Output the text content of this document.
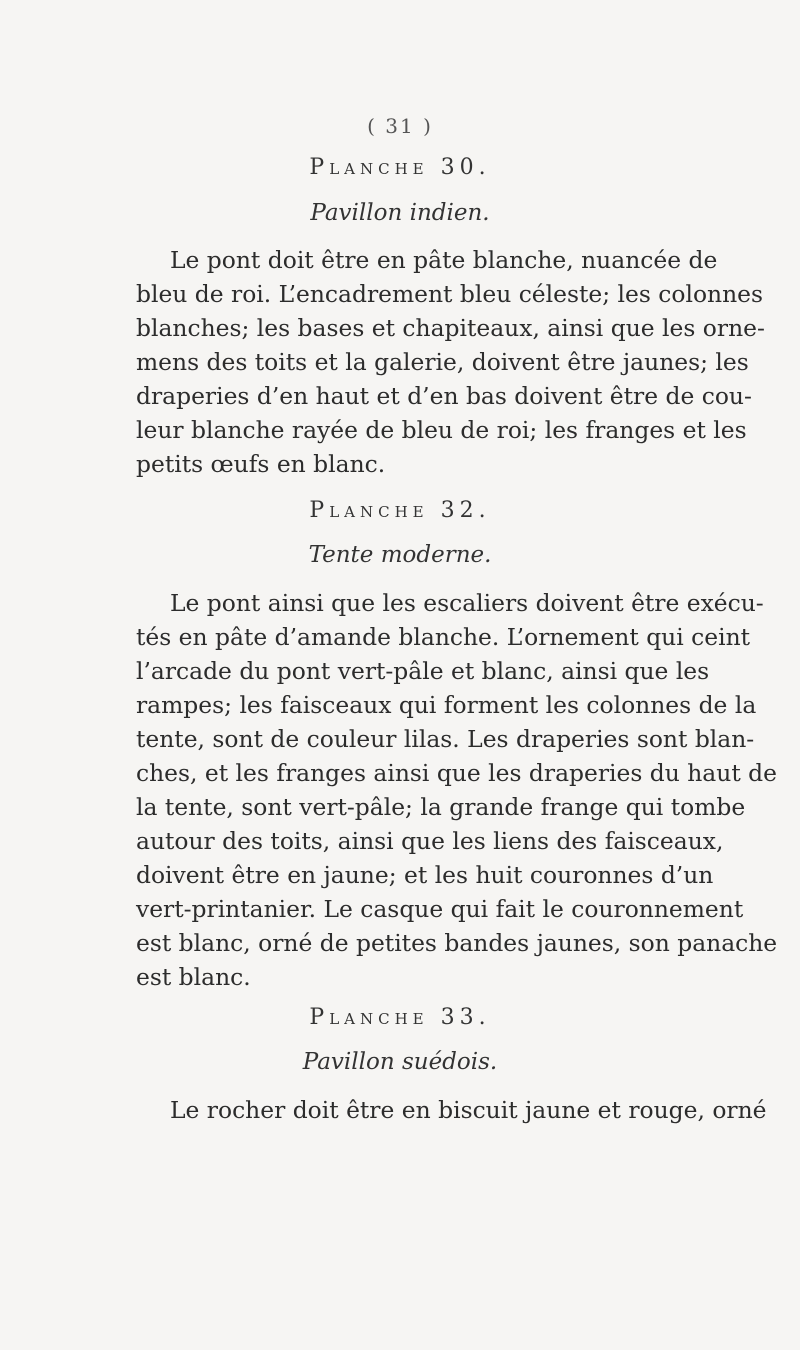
( 31 )
Planche 30.
Pavillon indien.
Le pont doit être en pâte blanche, nuancée de
bleu de roi. L’encadrement bleu céleste; les colonnes
blanches; les bases et chapiteaux, ainsi que les orne-
mens des toits et la galerie, doivent être jaunes; les
draperies d’en haut et d’en bas doivent être de cou-
leur blanche rayée de bleu de roi; les franges et les
petits œufs en blanc.
Planche 32.
Tente moderne.
Le pont ainsi que les escaliers doivent être exécu-
tés en pâte d’amande blanche. L’ornement qui ceint
l’arcade du pont vert-pâle et blanc, ainsi que les
rampes; les faisceaux qui forment les colonnes de la
tente, sont de couleur lilas. Les draperies sont blan-
ches, et les franges ainsi que les draperies du haut de
la tente, sont vert-pâle; la grande frange qui tombe
autour des toits, ainsi que les liens des faisceaux,
doivent être en jaune; et les huit couronnes d’un
vert-printanier. Le casque qui fait le couronnement
est blanc, orné de petites bandes jaunes, son panache
est blanc.
Planche 33.
Pavillon suédois.
Le rocher doit être en biscuit jaune et rouge, orné
